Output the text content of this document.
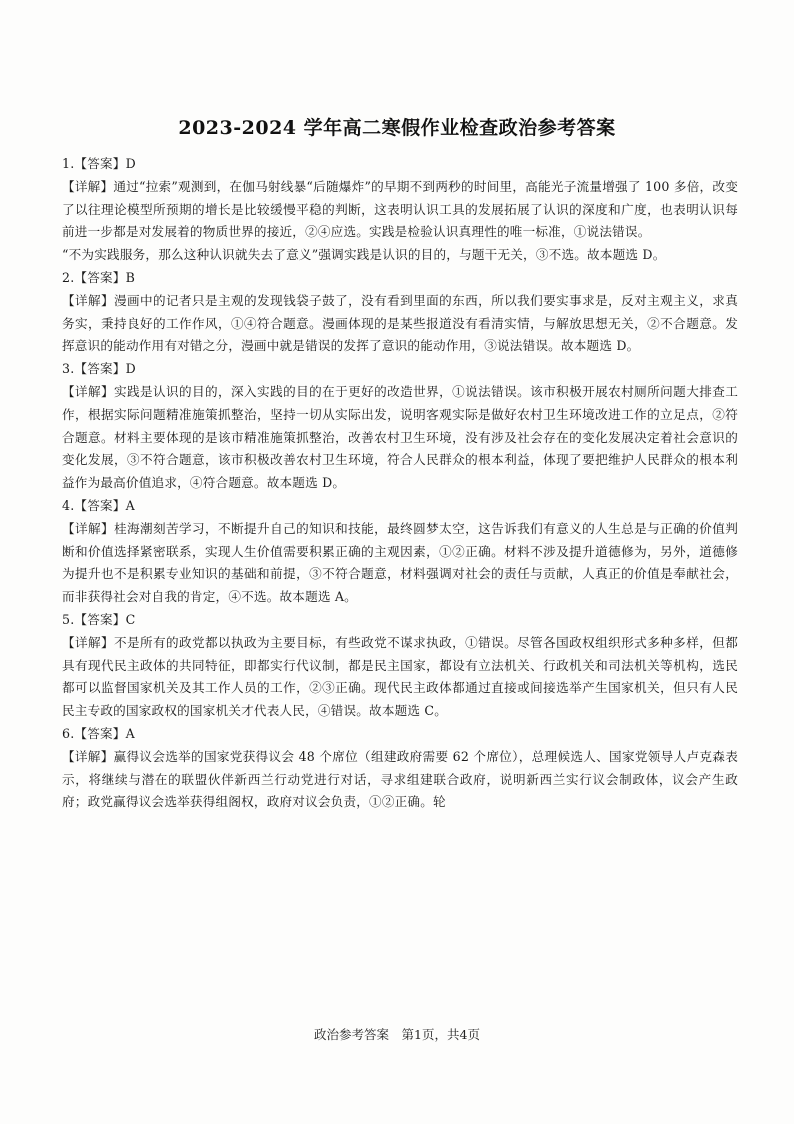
2023-2024 学年高二寒假作业检查政治参考答案

1.【答案】D

【详解】通过“拉索”观测到，在伽马射线暴“后随爆炸”的早期不到两秒的时间里，高能光子流量增强了 100 多倍，改变了以往理论模型所预期的增长是比较缓慢平稳的判断，这表明认识工具的发展拓展了认识的深度和广度，也表明认识每前进一步都是对发展着的物质世界的接近，②④应选。实践是检验认识真理性的唯一标准，①说法错误。

“不为实践服务，那么这种认识就失去了意义”强调实践是认识的目的，与题干无关，③不选。故本题选 D。

2.【答案】B

【详解】漫画中的记者只是主观的发现钱袋子鼓了，没有看到里面的东西，所以我们要实事求是，反对主观主义，求真务实，秉持良好的工作作风，①④符合题意。漫画体现的是某些报道没有看清实情，与解放思想无关，②不合题意。发挥意识的能动作用有对错之分，漫画中就是错误的发挥了意识的能动作用，③说法错误。故本题选 D。

3.【答案】D

【详解】实践是认识的目的，深入实践的目的在于更好的改造世界，①说法错误。该市积极开展农村厕所问题大排查工作，根据实际问题精准施策抓整治，坚持一切从实际出发，说明客观实际是做好农村卫生环境改进工作的立足点，②符合题意。材料主要体现的是该市精准施策抓整治，改善农村卫生环境，没有涉及社会存在的变化发展决定着社会意识的变化发展，③不符合题意，该市积极改善农村卫生环境，符合人民群众的根本利益，体现了要把维护人民群众的根本利益作为最高价值追求，④符合题意。故本题选 D。

4.【答案】A

【详解】桂海潮刻苦学习，不断提升自己的知识和技能，最终圆梦太空，这告诉我们有意义的人生总是与正确的价值判断和价值选择紧密联系，实现人生价值需要积累正确的主观因素，①②正确。材料不涉及提升道德修为，另外，道德修为提升也不是积累专业知识的基础和前提，③不符合题意，材料强调对社会的责任与贡献，人真正的价值是奉献社会，而非获得社会对自我的肯定，④不选。故本题选 A。

5.【答案】C

【详解】不是所有的政党都以执政为主要目标，有些政党不谋求执政，①错误。尽管各国政权组织形式多种多样，但都具有现代民主政体的共同特征，即都实行代议制，都是民主国家，都设有立法机关、行政机关和司法机关等机构，选民都可以监督国家机关及其工作人员的工作，②③正确。现代民主政体都通过直接或间接选举产生国家机关，但只有人民民主专政的国家政权的国家机关才代表人民，④错误。故本题选 C。

6.【答案】A

【详解】赢得议会选举的国家党获得议会 48 个席位（组建政府需要 62 个席位），总理候选人、国家党领导人卢克森表示，将继续与潜在的联盟伙伴新西兰行动党进行对话，寻求组建联合政府，说明新西兰实行议会制政体，议会产生政府；政党赢得议会选举获得组阁权，政府对议会负责，①②正确。轮

政治参考答案　第1页，共4页
